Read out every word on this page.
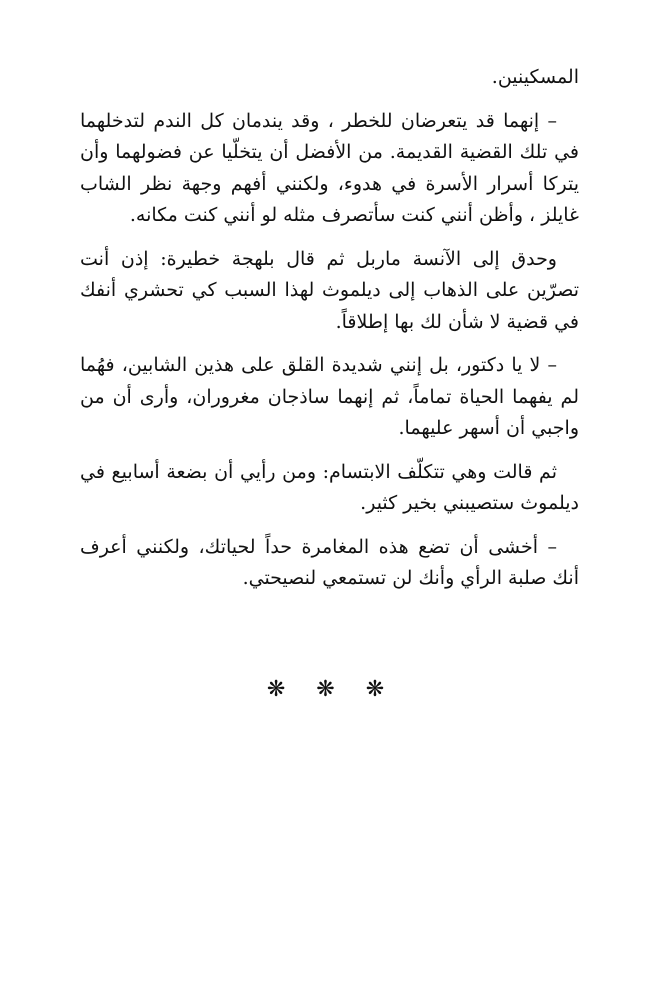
المسكينين.

– إنهما قد يتعرضان للخطر ، وقد يندمان كل الندم لتدخلهما في تلك القضية القديمة. من الأفضل أن يتخلّيا عن فضولهما وأن يتركا أسرار الأسرة في هدوء، ولكنني أفهم وجهة نظر الشاب غايلز ، وأظن أنني كنت سأتصرف مثله لو أنني كنت مكانه.

وحدق إلى الآنسة ماربل ثم قال بلهجة خطيرة: إذن أنت تصرّين على الذهاب إلى ديلموث لهذا السبب كي تحشري أنفك في قضية لا شأن لك بها إطلاقاً.

– لا يا دكتور، بل إنني شديدة القلق على هذين الشابين، فهُما لم يفهما الحياة تماماً، ثم إنهما ساذجان مغروران، وأرى أن من واجبي أن أسهر عليهما.

ثم قالت وهي تتكلّف الابتسام: ومن رأيي أن بضعة أسابيع في ديلموث ستصيبني بخير كثير.

– أخشى أن تضع هذه المغامرة حداً لحياتك، ولكنني أعرف أنك صلبة الرأي وأنك لن تستمعي لنصيحتي.

❋ ❋ ❋
